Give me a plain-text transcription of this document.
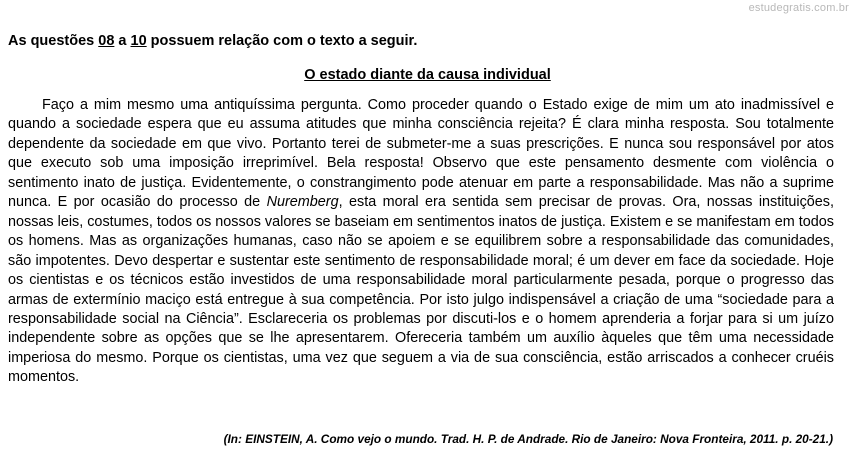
estudegratis.com.br
As questões 08 a 10 possuem relação com o texto a seguir.
O estado diante da causa individual

Faço a mim mesmo uma antiquíssima pergunta. Como proceder quando o Estado exige de mim um ato inadmissível e quando a sociedade espera que eu assuma atitudes que minha consciência rejeita? É clara minha resposta. Sou totalmente dependente da sociedade em que vivo. Portanto terei de submeter-me a suas prescrições. E nunca sou responsável por atos que executo sob uma imposição irreprimível. Bela resposta! Observo que este pensamento desmente com violência o sentimento inato de justiça. Evidentemente, o constrangimento pode atenuar em parte a responsabilidade. Mas não a suprime nunca. E por ocasião do processo de Nuremberg, esta moral era sentida sem precisar de provas. Ora, nossas instituições, nossas leis, costumes, todos os nossos valores se baseiam em sentimentos inatos de justiça. Existem e se manifestam em todos os homens. Mas as organizações humanas, caso não se apoiem e se equilibrem sobre a responsabilidade das comunidades, são impotentes. Devo despertar e sustentar este sentimento de responsabilidade moral; é um dever em face da sociedade. Hoje os cientistas e os técnicos estão investidos de uma responsabilidade moral particularmente pesada, porque o progresso das armas de extermínio maciço está entregue à sua competência. Por isto julgo indispensável a criação de uma “sociedade para a responsabilidade social na Ciência”. Esclareceria os problemas por discuti-los e o homem aprenderia a forjar para si um juízo independente sobre as opções que se lhe apresentarem. Ofereceria também um auxílio àqueles que têm uma necessidade imperiosa do mesmo. Porque os cientistas, uma vez que seguem a via de sua consciência, estão arriscados a conhecer cruéis momentos.

(In: EINSTEIN, A. Como vejo o mundo. Trad. H. P. de Andrade. Rio de Janeiro: Nova Fronteira, 2011. p. 20-21.)
